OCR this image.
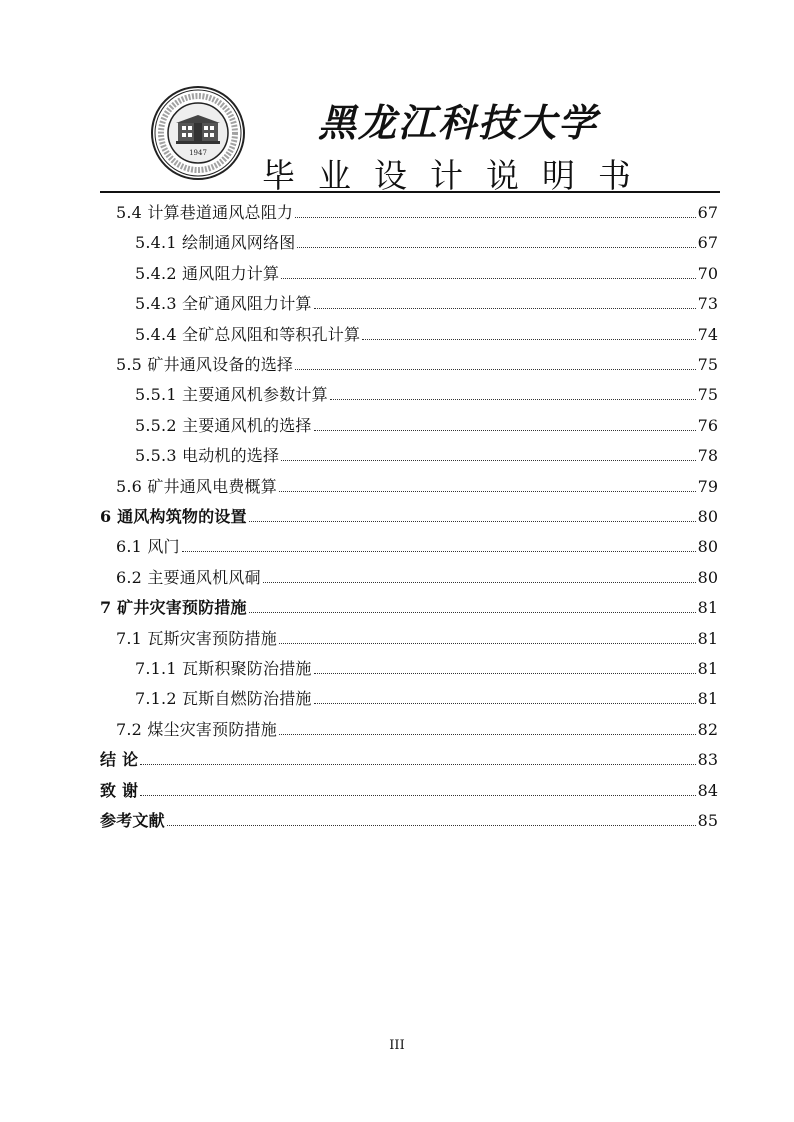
1947
黑龙江科技大学
毕业设计说明书
5.4 计算巷道通风总阻力	67
5.4.1 绘制通风网络图	67
5.4.2 通风阻力计算	70
5.4.3 全矿通风阻力计算	73
5.4.4 全矿总风阻和等积孔计算	74
5.5 矿井通风设备的选择	75
5.5.1 主要通风机参数计算	75
5.5.2 主要通风机的选择	76
5.5.3 电动机的选择	78
5.6 矿井通风电费概算	79
6 通风构筑物的设置	80
6.1 风门	80
6.2 主要通风机风硐	80
7 矿井灾害预防措施	81
7.1 瓦斯灾害预防措施	81
7.1.1 瓦斯积聚防治措施	81
7.1.2 瓦斯自燃防治措施	81
7.2 煤尘灾害预防措施	82
结 论	83
致 谢	84
参考文献	85
III
